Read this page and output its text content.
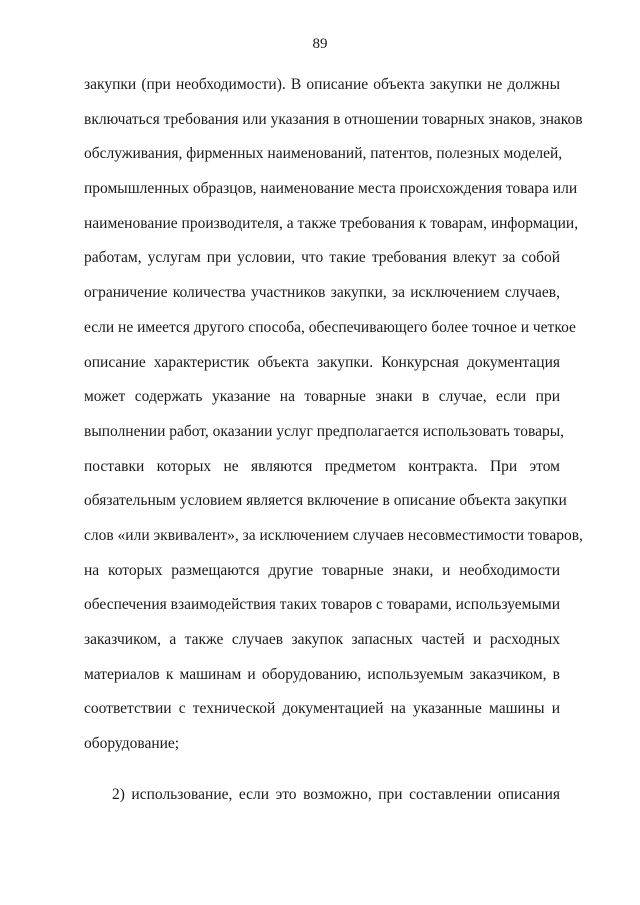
89
закупки (при необходимости). В описание объекта закупки не должны
включаться требования или указания в отношении товарных знаков, знаков
обслуживания, фирменных наименований, патентов, полезных моделей,
промышленных образцов, наименование места происхождения товара или
наименование производителя, а также требования к товарам, информации,
работам, услугам при условии, что такие требования влекут за собой
ограничение количества участников закупки, за исключением случаев,
если не имеется другого способа, обеспечивающего более точное и четкое
описание характеристик объекта закупки. Конкурсная документация
может содержать указание на товарные знаки в случае, если при
выполнении работ, оказании услуг предполагается использовать товары,
поставки которых не являются предметом контракта. При этом
обязательным условием является включение в описание объекта закупки
слов «или эквивалент», за исключением случаев несовместимости товаров,
на которых размещаются другие товарные знаки, и необходимости
обеспечения взаимодействия таких товаров с товарами, используемыми
заказчиком, а также случаев закупок запасных частей и расходных
материалов к машинам и оборудованию, используемым заказчиком, в
соответствии с технической документацией на указанные машины и
оборудование;
2) использование, если это возможно, при составлении описания
